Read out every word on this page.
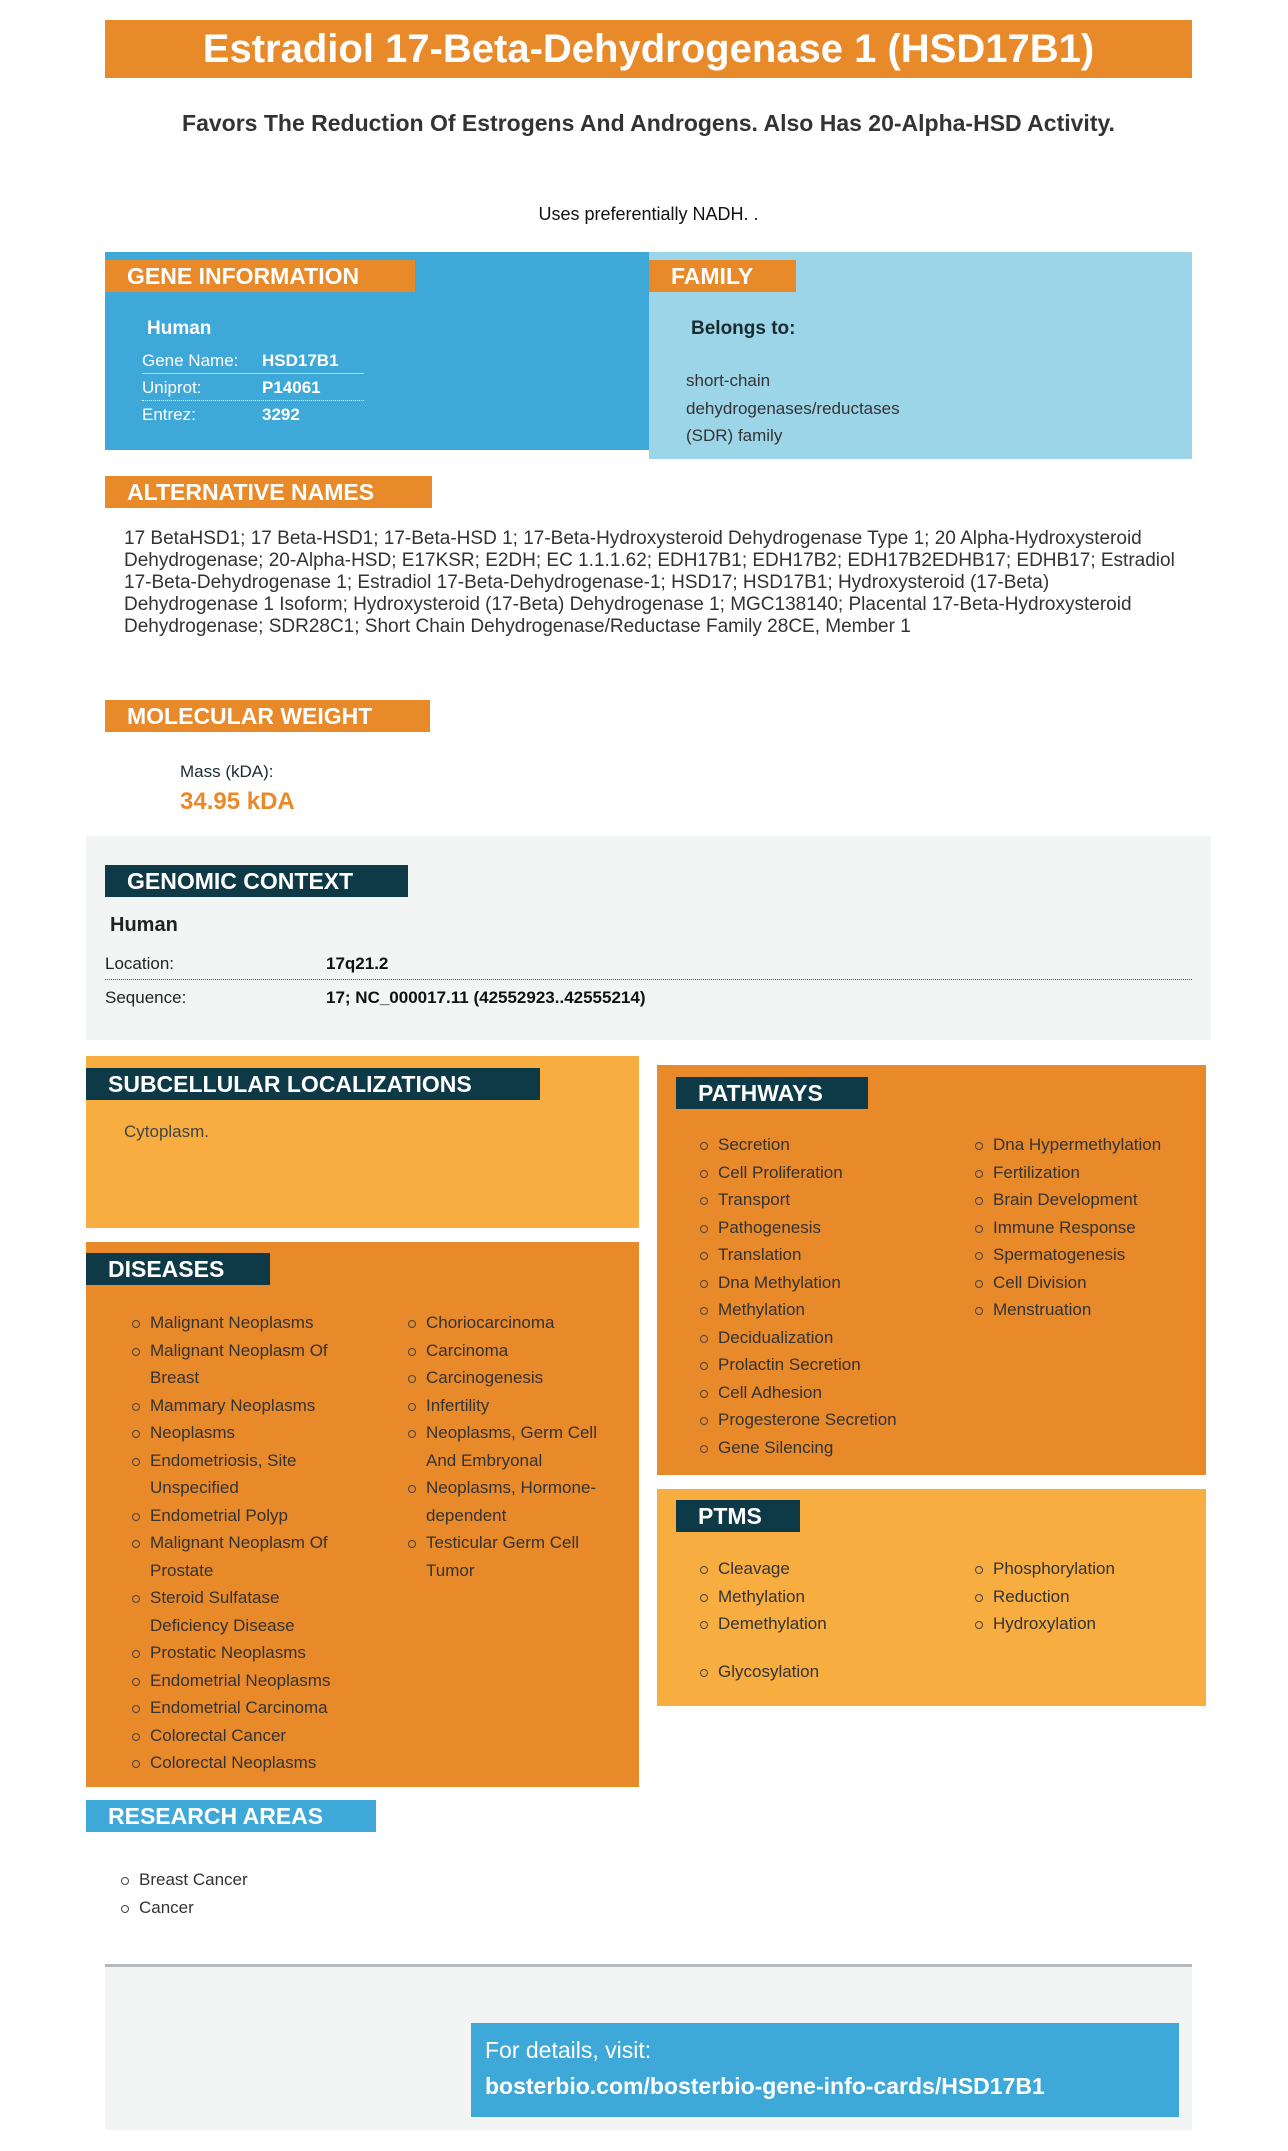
Estradiol 17-Beta-Dehydrogenase 1 (HSD17B1)
Favors The Reduction Of Estrogens And Androgens. Also Has 20-Alpha-HSD Activity.
Uses preferentially NADH. .
GENE INFORMATION
Human
Gene Name: HSD17B1
Uniprot:	P14061
Entrez:	3292
FAMILY
Belongs to:
short-chain
dehydrogenases/reductases
(SDR) family
ALTERNATIVE NAMES
17 BetaHSD1; 17 Beta-HSD1; 17-Beta-HSD 1; 17-Beta-Hydroxysteroid Dehydrogenase Type 1; 20 Alpha-Hydroxysteroid Dehydrogenase; 20-Alpha-HSD; E17KSR; E2DH; EC 1.1.1.62; EDH17B1; EDH17B2; EDH17B2EDHB17; EDHB17; Estradiol 17-Beta-Dehydrogenase 1; Estradiol 17-Beta-Dehydrogenase-1; HSD17; HSD17B1; Hydroxysteroid (17-Beta) Dehydrogenase 1 Isoform; Hydroxysteroid (17-Beta) Dehydrogenase 1; MGC138140; Placental 17-Beta-Hydroxysteroid Dehydrogenase; SDR28C1; Short Chain Dehydrogenase/Reductase Family 28CE, Member 1
MOLECULAR WEIGHT
Mass (kDA):
34.95 kDA
GENOMIC CONTEXT
Human
Location:	17q21.2
Sequence:	17; NC_000017.11 (42552923..42555214)
SUBCELLULAR LOCALIZATIONS
Cytoplasm.
DISEASES
Malignant Neoplasms
Malignant Neoplasm Of Breast
Mammary Neoplasms
Neoplasms
Endometriosis, Site Unspecified
Endometrial Polyp
Malignant Neoplasm Of Prostate
Steroid Sulfatase Deficiency Disease
Prostatic Neoplasms
Endometrial Neoplasms
Endometrial Carcinoma
Colorectal Cancer
Colorectal Neoplasms
Choriocarcinoma
Carcinoma
Carcinogenesis
Infertility
Neoplasms, Germ Cell And Embryonal
Neoplasms, Hormone-dependent
Testicular Germ Cell Tumor
PATHWAYS
Secretion
Cell Proliferation
Transport
Pathogenesis
Translation
Dna Methylation
Methylation
Decidualization
Prolactin Secretion
Cell Adhesion
Progesterone Secretion
Gene Silencing
Dna Hypermethylation
Fertilization
Brain Development
Immune Response
Spermatogenesis
Cell Division
Menstruation
PTMS
Cleavage
Methylation
Demethylation
Phosphorylation
Reduction
Hydroxylation
Glycosylation
RESEARCH AREAS
Breast Cancer
Cancer
For details, visit:
bosterbio.com/bosterbio-gene-info-cards/HSD17B1
